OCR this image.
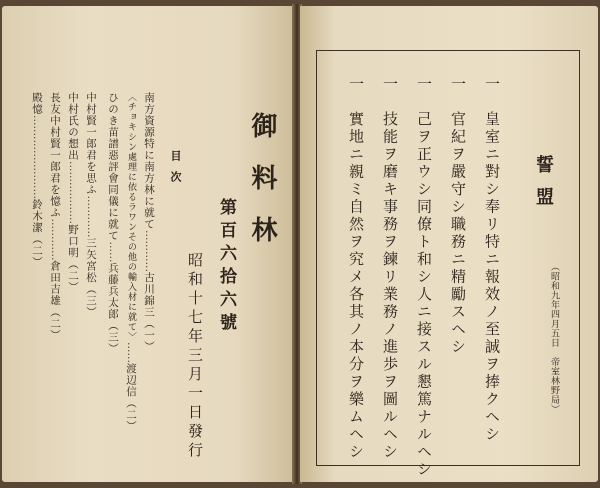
誓盟
一　皇室ニ對シ奉リ特ニ報效ノ至誠ヲ捧クヘシ
一　官紀ヲ嚴守シ職務ニ精勵スヘシ
一　己ヲ正ウシ同僚ト和シ人ニ接スル懇篤ナルヘシ
一　技能ヲ磨キ事務ヲ鍊リ業務ノ進歩ヲ圖ルヘシ
一　實地ニ親ミ自然ヲ究メ各其ノ本分ヲ樂ムヘシ	（昭和九年四月五日　帝室林野局）
御料林
第百六拾六號
昭和十七年三月一日發行
目次
南方資源特に南方林に就て…………古川錦三（一）
〈チョキシン處理に依るラワンその他の輸入材に就て〉……渡辺信（二）
ひのき苗譜惡評會同儀に就て……兵藤兵太郎（三）
中村賢一郎君を思ふ…………三矢宮松（三）
中村氏の想出………………野口明（二）
長友中村賢一郎君を憶ふ…………倉田吉雄（二）
殿憶……………………鈴木潔（二）
